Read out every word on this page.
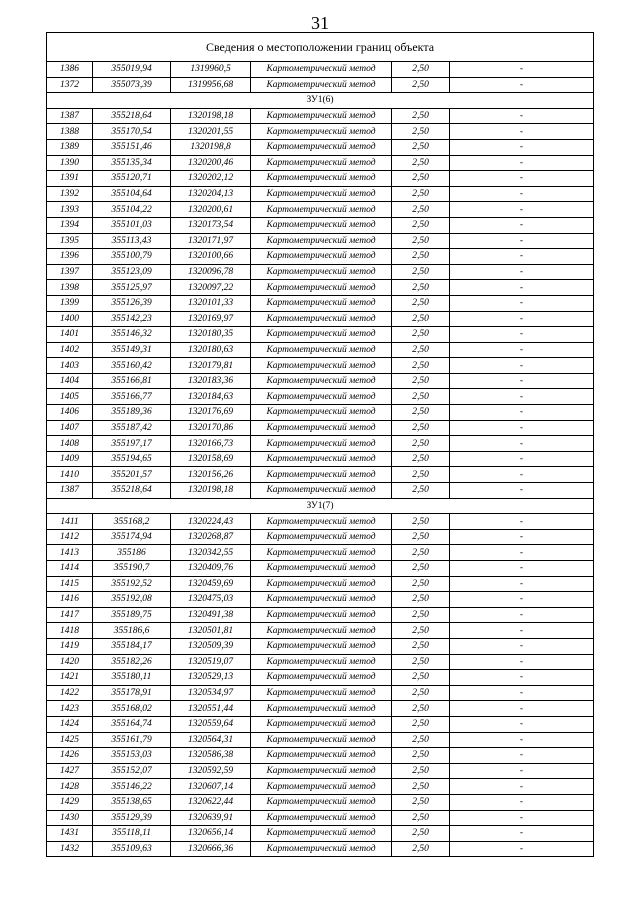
31
Сведения о местоположении границ объекта					
1386	355019,94	1319960,5	Картометрический метод	2,50	-
1372	355073,39	1319956,68	Картометрический метод	2,50	-
ЗУ1(6)					
1387	355218,64	1320198,18	Картометрический метод	2,50	-
1388	355170,54	1320201,55	Картометрический метод	2,50	-
1389	355151,46	1320198,8	Картометрический метод	2,50	-
1390	355135,34	1320200,46	Картометрический метод	2,50	-
1391	355120,71	1320202,12	Картометрический метод	2,50	-
1392	355104,64	1320204,13	Картометрический метод	2,50	-
1393	355104,22	1320200,61	Картометрический метод	2,50	-
1394	355101,03	1320173,54	Картометрический метод	2,50	-
1395	355113,43	1320171,97	Картометрический метод	2,50	-
1396	355100,79	1320100,66	Картометрический метод	2,50	-
1397	355123,09	1320096,78	Картометрический метод	2,50	-
1398	355125,97	1320097,22	Картометрический метод	2,50	-
1399	355126,39	1320101,33	Картометрический метод	2,50	-
1400	355142,23	1320169,97	Картометрический метод	2,50	-
1401	355146,32	1320180,35	Картометрический метод	2,50	-
1402	355149,31	1320180,63	Картометрический метод	2,50	-
1403	355160,42	1320179,81	Картометрический метод	2,50	-
1404	355166,81	1320183,36	Картометрический метод	2,50	-
1405	355166,77	1320184,63	Картометрический метод	2,50	-
1406	355189,36	1320176,69	Картометрический метод	2,50	-
1407	355187,42	1320170,86	Картометрический метод	2,50	-
1408	355197,17	1320166,73	Картометрический метод	2,50	-
1409	355194,65	1320158,69	Картометрический метод	2,50	-
1410	355201,57	1320156,26	Картометрический метод	2,50	-
1387	355218,64	1320198,18	Картометрический метод	2,50	-
ЗУ1(7)					
1411	355168,2	1320224,43	Картометрический метод	2,50	-
1412	355174,94	1320268,87	Картометрический метод	2,50	-
1413	355186	1320342,55	Картометрический метод	2,50	-
1414	355190,7	1320409,76	Картометрический метод	2,50	-
1415	355192,52	1320459,69	Картометрический метод	2,50	-
1416	355192,08	1320475,03	Картометрический метод	2,50	-
1417	355189,75	1320491,38	Картометрический метод	2,50	-
1418	355186,6	1320501,81	Картометрический метод	2,50	-
1419	355184,17	1320509,39	Картометрический метод	2,50	-
1420	355182,26	1320519,07	Картометрический метод	2,50	-
1421	355180,11	1320529,13	Картометрический метод	2,50	-
1422	355178,91	1320534,97	Картометрический метод	2,50	-
1423	355168,02	1320551,44	Картометрический метод	2,50	-
1424	355164,74	1320559,64	Картометрический метод	2,50	-
1425	355161,79	1320564,31	Картометрический метод	2,50	-
1426	355153,03	1320586,38	Картометрический метод	2,50	-
1427	355152,07	1320592,59	Картометрический метод	2,50	-
1428	355146,22	1320607,14	Картометрический метод	2,50	-
1429	355138,65	1320622,44	Картометрический метод	2,50	-
1430	355129,39	1320639,91	Картометрический метод	2,50	-
1431	355118,11	1320656,14	Картометрический метод	2,50	-
1432	355109,63	1320666,36	Картометрический метод	2,50	-
